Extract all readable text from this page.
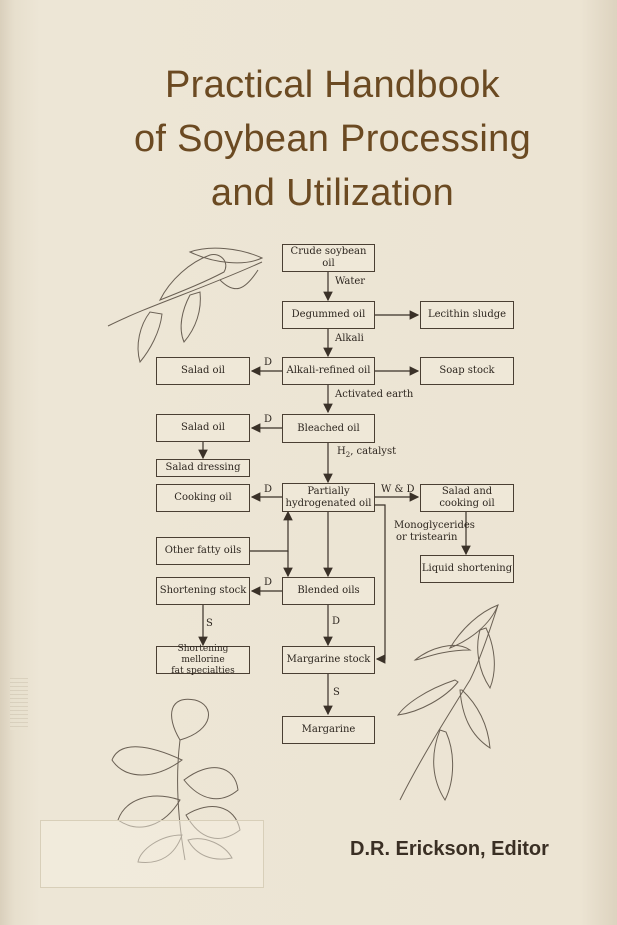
Practical Handbook
of Soybean Processing
and Utilization
Crude soybean oil
Degummed oil	Lecithin sludge
Alkali-refined oil
Salad oil	Soap stock
Bleached oil
Salad oil
Salad dressing
Partially
hydrogenated oil
Cooking oil
Salad and
cooking oil
Other fatty oils
Shortening stock	Blended oils
Liquid shortening
Shortening mellorine
fat specialties
Margarine stock
Margarine
Water
Alkali
Activated earth
$H_2$, catalyst
D
D
D
D
D
W & D
Monoglycerides
or tristearin
S
S
D.R. Erickson, Editor
